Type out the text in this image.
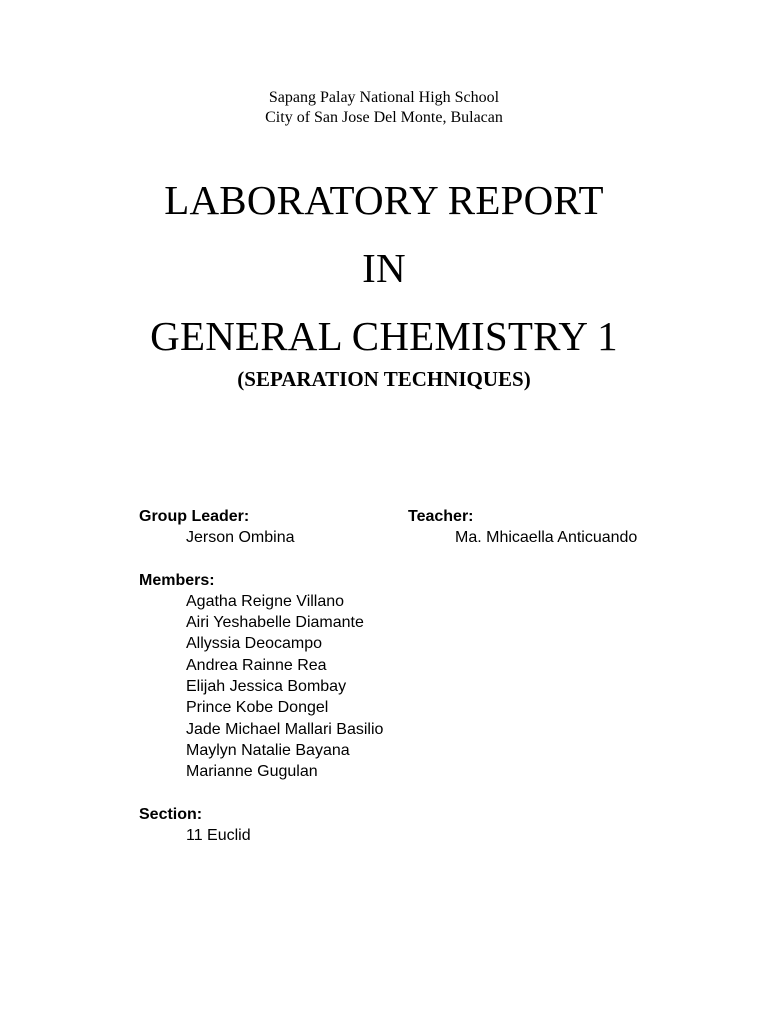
Sapang Palay National High School
City of San Jose Del Monte, Bulacan
LABORATORY REPORT
IN
GENERAL CHEMISTRY 1
(SEPARATION TECHNIQUES)
Group Leader:
Jerson Ombina
Members:
Agatha Reigne Villano
Airi Yeshabelle Diamante
Allyssia Deocampo
Andrea Rainne Rea
Elijah Jessica Bombay
Prince Kobe Dongel
Jade Michael Mallari Basilio
Maylyn Natalie Bayana
Marianne Gugulan
Section:
11 Euclid
Teacher:
Ma. Mhicaella Anticuando
